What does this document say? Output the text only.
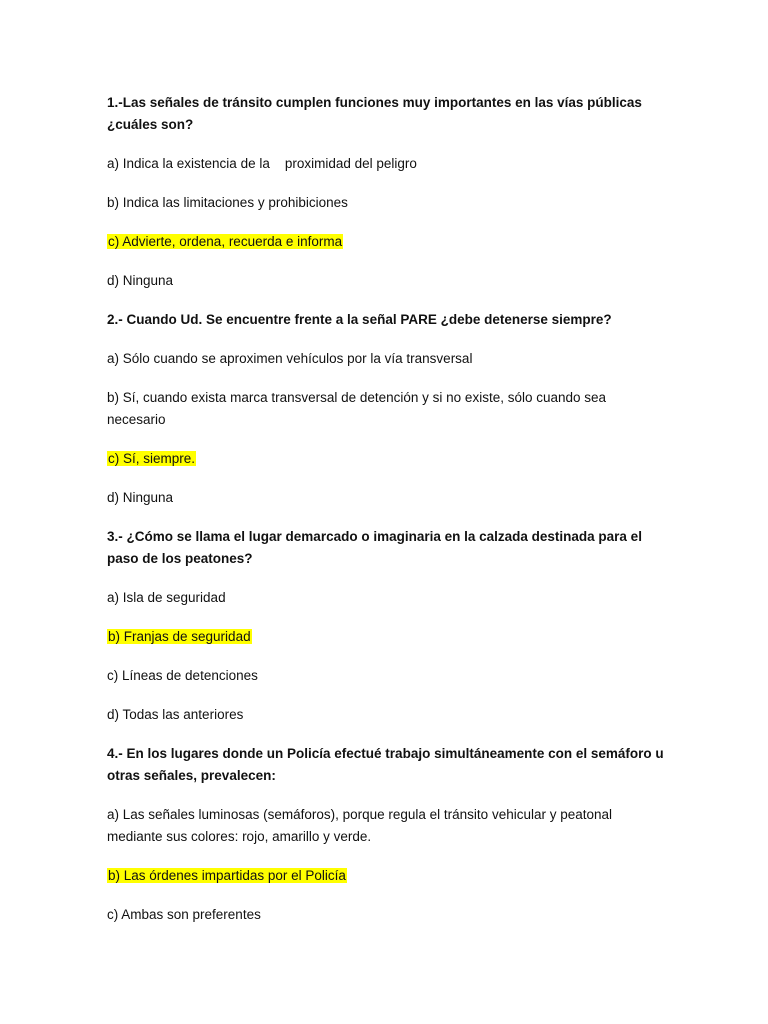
1.-Las señales de tránsito cumplen funciones muy importantes en las vías públicas ¿cuáles son?
a) Indica la existencia de la    proximidad del peligro
b) Indica las limitaciones y prohibiciones
c) Advierte, ordena, recuerda e informa
d) Ninguna
2.- Cuando Ud. Se encuentre frente a la señal PARE ¿debe detenerse siempre?
a) Sólo cuando se aproximen vehículos por la vía transversal
b) Sí, cuando exista marca transversal de detención y si no existe, sólo cuando sea necesario
c) Sí, siempre.
d) Ninguna
3.- ¿Cómo se llama el lugar demarcado o imaginaria en la calzada destinada para el paso de los peatones?
a) Isla de seguridad
b) Franjas de seguridad
c) Líneas de detenciones
d) Todas las anteriores
4.- En los lugares donde un Policía efectué trabajo simultáneamente con el semáforo u otras señales, prevalecen:
a) Las señales luminosas (semáforos), porque regula el tránsito vehicular y peatonal mediante sus colores: rojo, amarillo y verde.
b) Las órdenes impartidas por el Policía
c) Ambas son preferentes
